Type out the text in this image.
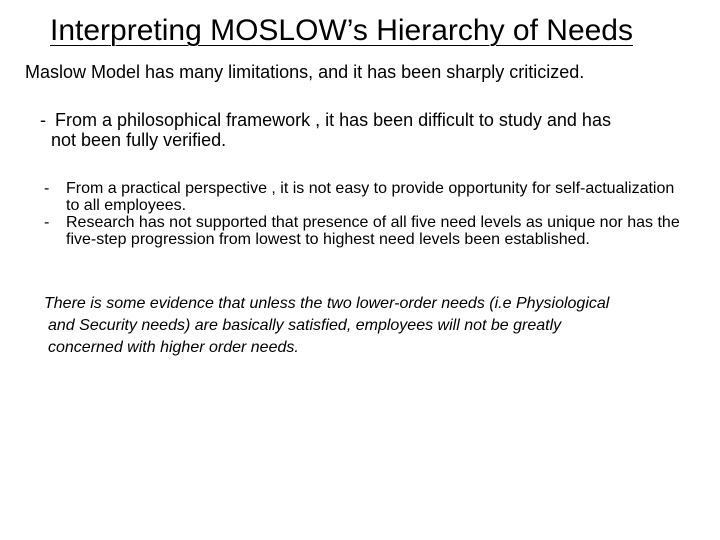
Interpreting MOSLOW’s Hierarchy of Needs

Maslow Model has many limitations, and it has been sharply criticized.

- From a philosophical framework , it has been difficult to study and has
not been fully verified.

- From a practical perspective , it is not easy to provide opportunity for self-actualization to all employees.
- Research has not supported that presence of all five need levels as unique nor has the five-step progression from lowest to highest need levels been established.

There is some evidence that unless the two lower-order needs (i.e Physiological
and Security needs) are basically satisfied, employees will not be greatly
concerned with higher order needs.
